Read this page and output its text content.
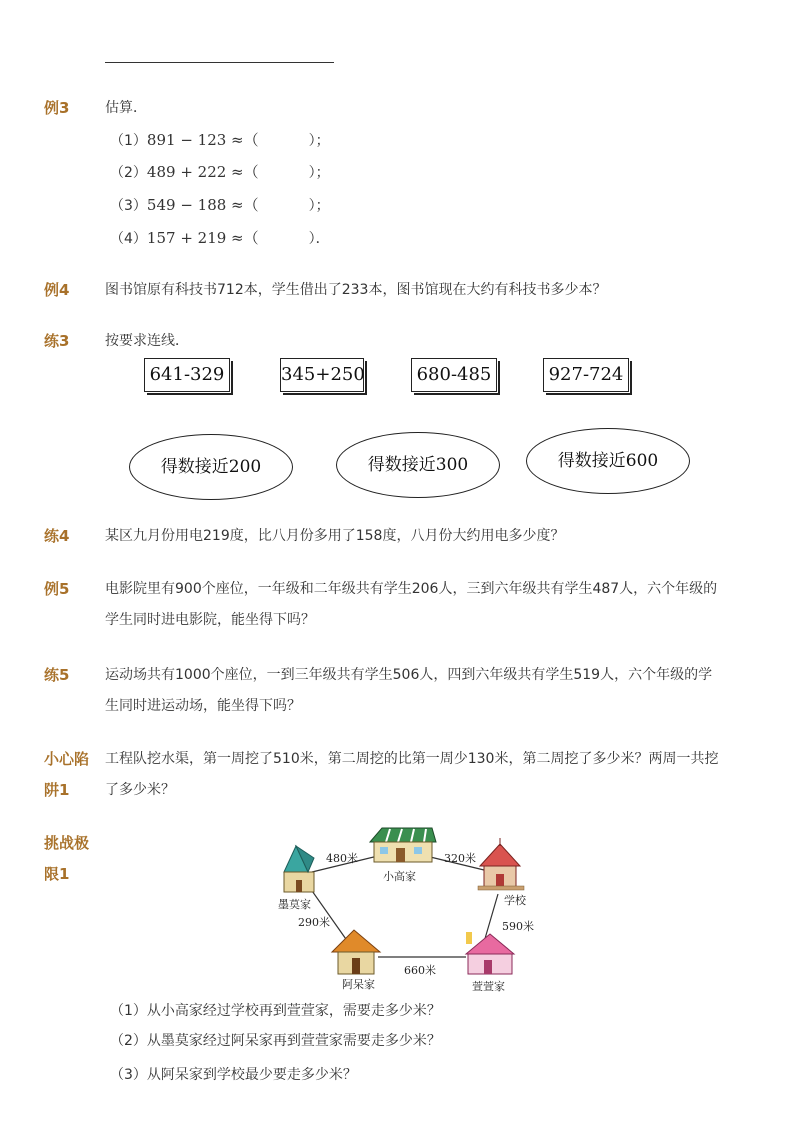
例3	估算．
（1）891 − 123 ≈（	）；
（2）489 + 222 ≈（	）；
（3）549 − 188 ≈（	）；
（4）157 + 219 ≈（	）．
例4	图书馆原有科技书712本，学生借出了233本，图书馆现在大约有科技书多少本？
练3	按要求连线．
641-329	345+250	680-485	927-724
得数接近200	得数接近300	得数接近600
练4	某区九月份用电219度，比八月份多用了158度，八月份大约用电多少度？
例5	电影院里有900个座位，一年级和二年级共有学生206人，三到六年级共有学生487人，六个年级的学生同时进电影院，能坐得下吗？
练5	运动场共有1000个座位，一到三年级共有学生506人，四到六年级共有学生519人，六个年级的学生同时进运动场，能坐得下吗？
小心陷
阱1
工程队挖水渠，第一周挖了510米，第二周挖的比第一周少130米，第二周挖了多少米？两周一共挖了多少米？
挑战极
限1
480米	320米
290米	590米
660米
小高家
学校
墨莫家
阿呆家	萱萱家
（1）从小高家经过学校再到萱萱家，需要走多少米？
（2）从墨莫家经过阿呆家再到萱萱家需要走多少米？
（3）从阿呆家到学校最少要走多少米？
